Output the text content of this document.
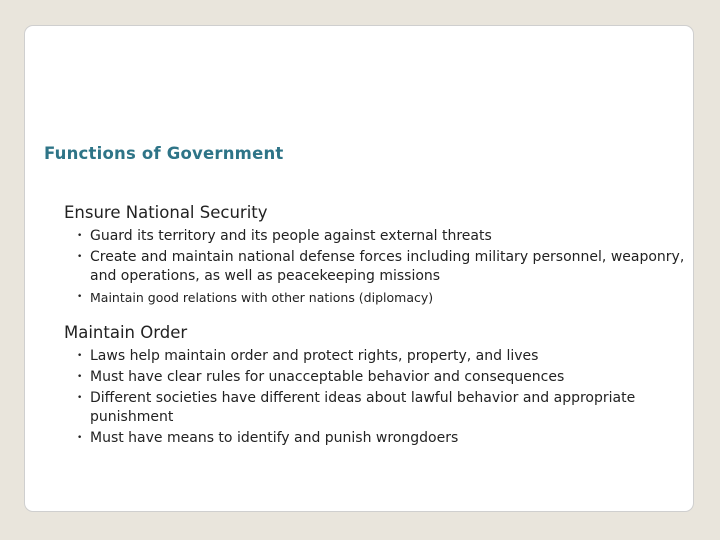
Functions of Government
Ensure National Security
• Guard its territory and its people against external threats
• Create and maintain national defense forces including military personnel, weaponry, and operations, as well as peacekeeping missions
• Maintain good relations with other nations (diplomacy)
Maintain Order
• Laws help maintain order and protect rights, property, and lives
• Must have clear rules for unacceptable behavior and consequences
• Different societies have different ideas about lawful behavior and appropriate punishment
• Must have means to identify and punish wrongdoers
